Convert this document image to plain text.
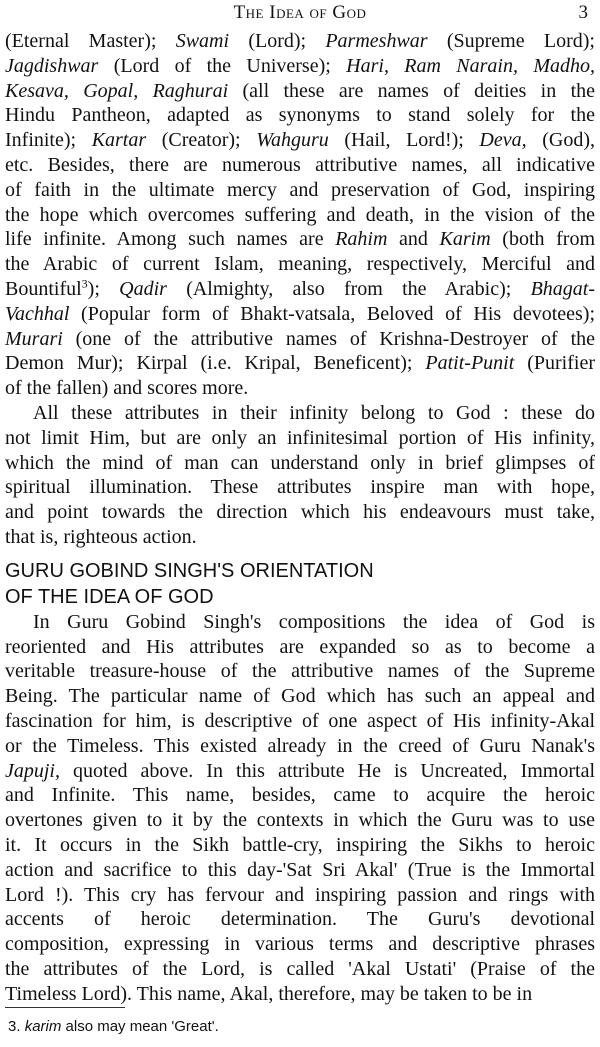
The Idea of God	3
(Eternal Master); Swami (Lord); Parmeshwar (Supreme Lord);
Jagdishwar (Lord of the Universe); Hari, Ram Narain, Madho,
Kesava, Gopal, Raghurai (all these are names of deities in the
Hindu Pantheon, adapted as synonyms to stand solely for the
Infinite); Kartar (Creator); Wahguru (Hail, Lord!); Deva, (God),
etc. Besides, there are numerous attributive names, all indicative
of faith in the ultimate mercy and preservation of God, inspiring
the hope which overcomes suffering and death, in the vision of the
life infinite. Among such names are Rahim and Karim (both from
the Arabic of current Islam, meaning, respectively, Merciful and
Bountiful$^3$); Qadir (Almighty, also from the Arabic); Bhagat-
Vachhal (Popular form of Bhakt-vatsala, Beloved of His devotees);
Murari (one of the attributive names of Krishna-Destroyer of the
Demon Mur); Kirpal (i.e. Kripal, Beneficent); Patit-Punit (Purifier
of the fallen) and scores more.
All these attributes in their infinity belong to God : these do
not limit Him, but are only an infinitesimal portion of His infinity,
which the mind of man can understand only in brief glimpses of
spiritual illumination. These attributes inspire man with hope,
and point towards the direction which his endeavours must take,
that is, righteous action.
GURU GOBIND SINGH'S ORIENTATION
OF THE IDEA OF GOD
In Guru Gobind Singh's compositions the idea of God is
reoriented and His attributes are expanded so as to become a
veritable treasure-house of the attributive names of the Supreme
Being. The particular name of God which has such an appeal and
fascination for him, is descriptive of one aspect of His infinity-Akal
or the Timeless. This existed already in the creed of Guru Nanak's
Japuji, quoted above. In this attribute He is Uncreated, Immortal
and Infinite. This name, besides, came to acquire the heroic
overtones given to it by the contexts in which the Guru was to use
it. It occurs in the Sikh battle-cry, inspiring the Sikhs to heroic
action and sacrifice to this day-'Sat Sri Akal' (True is the Immortal
Lord !). This cry has fervour and inspiring passion and rings with
accents of heroic determination. The Guru's devotional
composition, expressing in various terms and descriptive phrases
the attributes of the Lord, is called 'Akal Ustati' (Praise of the
Timeless Lord). This name, Akal, therefore, may be taken to be in
3. karim also may mean 'Great'.
